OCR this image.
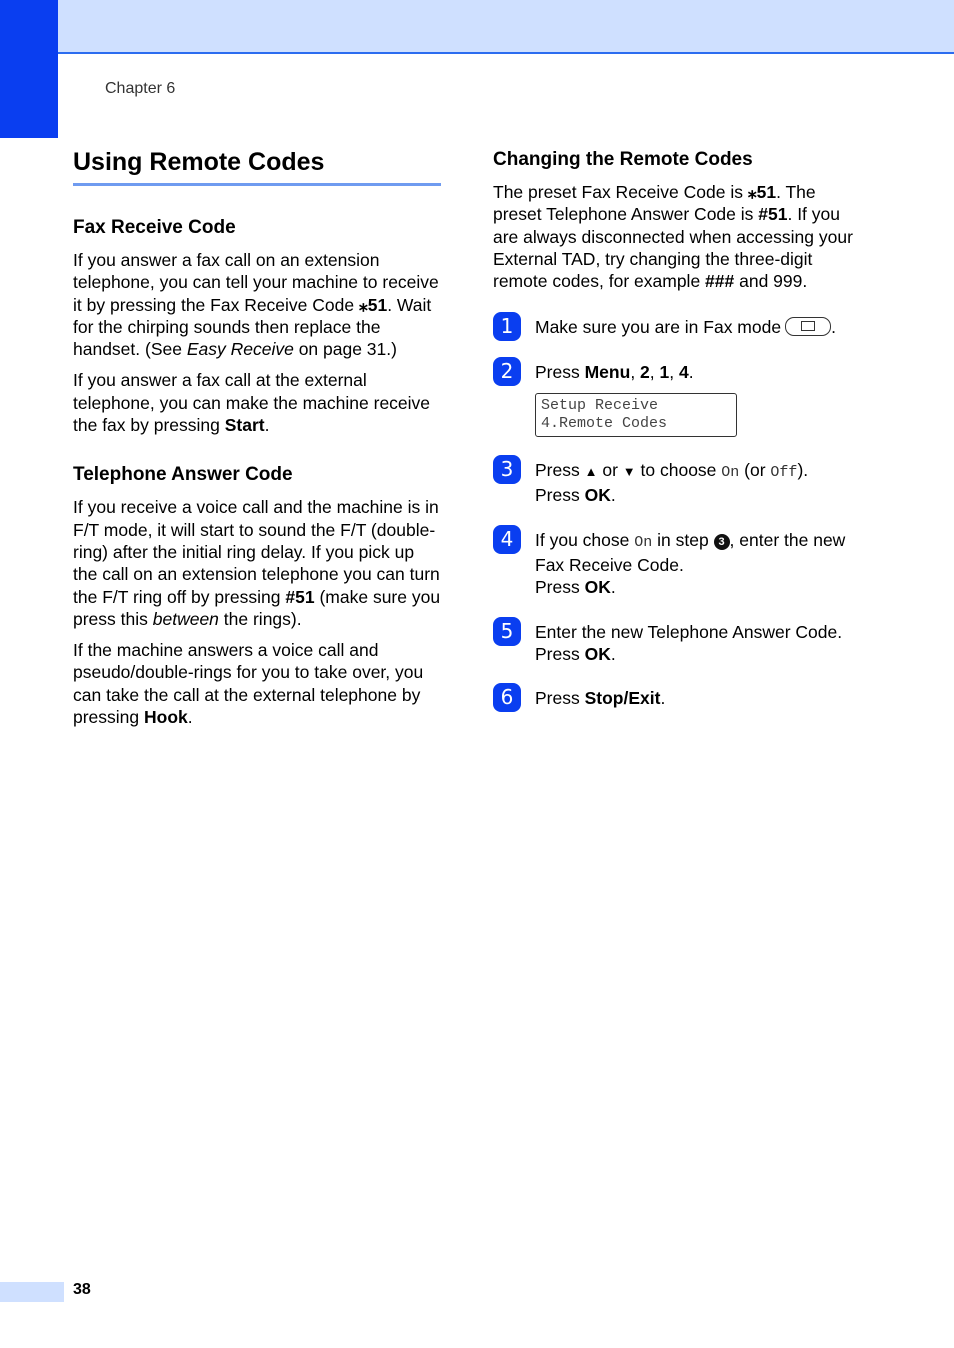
Chapter 6
Using Remote Codes
Fax Receive Code

If you answer a fax call on an extension telephone, you can tell your machine to receive it by pressing the Fax Receive Code ⁎51. Wait for the chirping sounds then replace the handset. (See Easy Receive on page 31.)

If you answer a fax call at the external telephone, you can make the machine receive the fax by pressing Start.

Telephone Answer Code

If you receive a voice call and the machine is in F/T mode, it will start to sound the F/T (double-ring) after the initial ring delay. If you pick up the call on an extension telephone you can turn the F/T ring off by pressing #51 (make sure you press this between the rings).

If the machine answers a voice call and pseudo/double-rings for you to take over, you can take the call at the external telephone by pressing Hook.

Changing the Remote Codes

The preset Fax Receive Code is ⁎51. The preset Telephone Answer Code is #51. If you are always disconnected when accessing your External TAD, try changing the three-digit remote codes, for example ### and 999.

1	Make sure you are in Fax mode	.

2	Press Menu, 2, 1, 4.

Setup Receive
4.Remote Codes
3	Press ▲ or ▼ to choose On (or Off).
Press OK.

4	If you chose On in step 3 , enter the new Fax Receive Code.
Press OK.

5	Enter the new Telephone Answer Code.
Press OK.

6	Press Stop/Exit.

38
